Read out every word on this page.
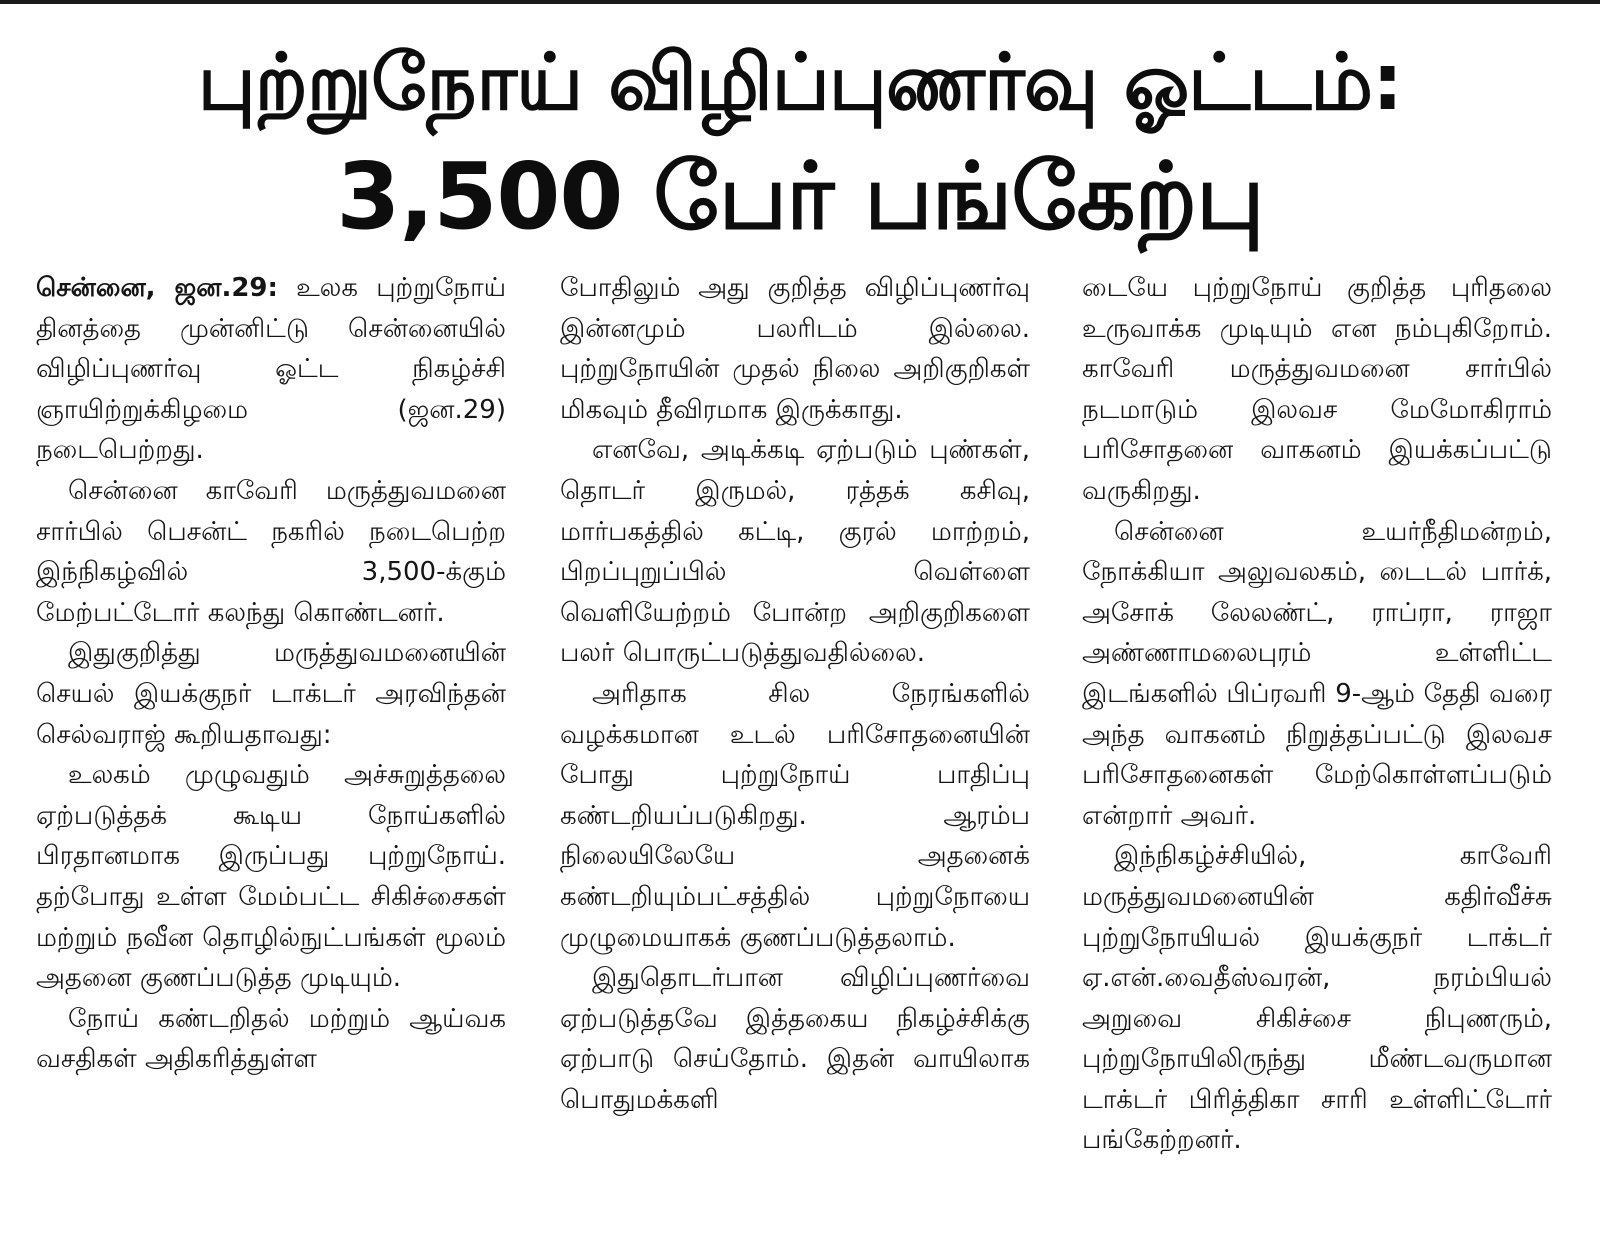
புற்றுநோய் விழிப்புணர்வு ஓட்டம்:
3,500 பேர் பங்கேற்பு

சென்னை, ஜன.29: உலக புற்றுநோய் தினத்தை முன்னிட்டு சென்னையில் விழிப்புணர்வு ஓட்ட நிகழ்ச்சி ஞாயிற்றுக்கிழமை (ஜன.29) நடைபெற்றது.

சென்னை காவேரி மருத்துவமனை சார்பில் பெசன்ட் நகரில் நடைபெற்ற இந்நிகழ்வில் 3,500-க்கும் மேற்பட்டோர் கலந்து கொண்டனர்.

இதுகுறித்து மருத்துவமனையின் செயல் இயக்குநர் டாக்டர் அரவிந்தன் செல்வராஜ் கூறியதாவது:

உலகம் முழுவதும் அச்சுறுத்தலை ஏற்படுத்தக் கூடிய நோய்களில் பிரதானமாக இருப்பது புற்றுநோய். தற்போது உள்ள மேம்பட்ட சிகிச்சைகள் மற்றும் நவீன தொழில்நுட்பங்கள் மூலம் அதனை குணப்படுத்த முடியும்.

நோய் கண்டறிதல் மற்றும் ஆய்வக வசதிகள் அதிகரித்துள்ள

போதிலும் அது குறித்த விழிப்புணர்வு இன்னமும் பலரிடம் இல்லை. புற்றுநோயின் முதல் நிலை அறிகுறிகள் மிகவும் தீவிரமாக இருக்காது.

எனவே, அடிக்கடி ஏற்படும் புண்கள், தொடர் இருமல், ரத்தக் கசிவு, மார்பகத்தில் கட்டி, குரல் மாற்றம், பிறப்புறுப்பில் வெள்ளை வெளியேற்றம் போன்ற அறிகுறிகளை பலர் பொருட்படுத்துவதில்லை.

அரிதாக சில நேரங்களில் வழக்கமான உடல் பரிசோதனையின் போது புற்றுநோய் பாதிப்பு கண்டறியப்படுகிறது. ஆரம்ப நிலையிலேயே அதனைக் கண்டறியும்பட்சத்தில் புற்றுநோயை முழுமையாகக் குணப்படுத்தலாம்.

இதுதொடர்பான விழிப்புணர்வை ஏற்படுத்தவே இத்தகைய நிகழ்ச்சிக்கு ஏற்பாடு செய்தோம். இதன் வாயிலாக பொதுமக்களி

டையே புற்றுநோய் குறித்த புரிதலை உருவாக்க முடியும் என நம்புகிறோம். காவேரி மருத்துவமனை சார்பில் நடமாடும் இலவச மேமோகிராம் பரிசோதனை வாகனம் இயக்கப்பட்டு வருகிறது.

சென்னை உயர்நீதிமன்றம், நோக்கியா அலுவலகம், டைடல் பார்க், அசோக் லேலண்ட், ராப்ரா, ராஜா அண்ணாமலைபுரம் உள்ளிட்ட இடங்களில் பிப்ரவரி 9-ஆம் தேதி வரை அந்த வாகனம் நிறுத்தப்பட்டு இலவச பரிசோதனைகள் மேற்கொள்ளப்படும் என்றார் அவர்.

இந்நிகழ்ச்சியில், காவேரி மருத்துவமனையின் கதிர்வீச்சு புற்றுநோயியல் இயக்குநர் டாக்டர் ஏ.என்.வைதீஸ்வரன், நரம்பியல் அறுவை சிகிச்சை நிபுணரும், புற்றுநோயிலிருந்து மீண்டவருமான டாக்டர் பிரித்திகா சாரி உள்ளிட்டோர் பங்கேற்றனர்.
